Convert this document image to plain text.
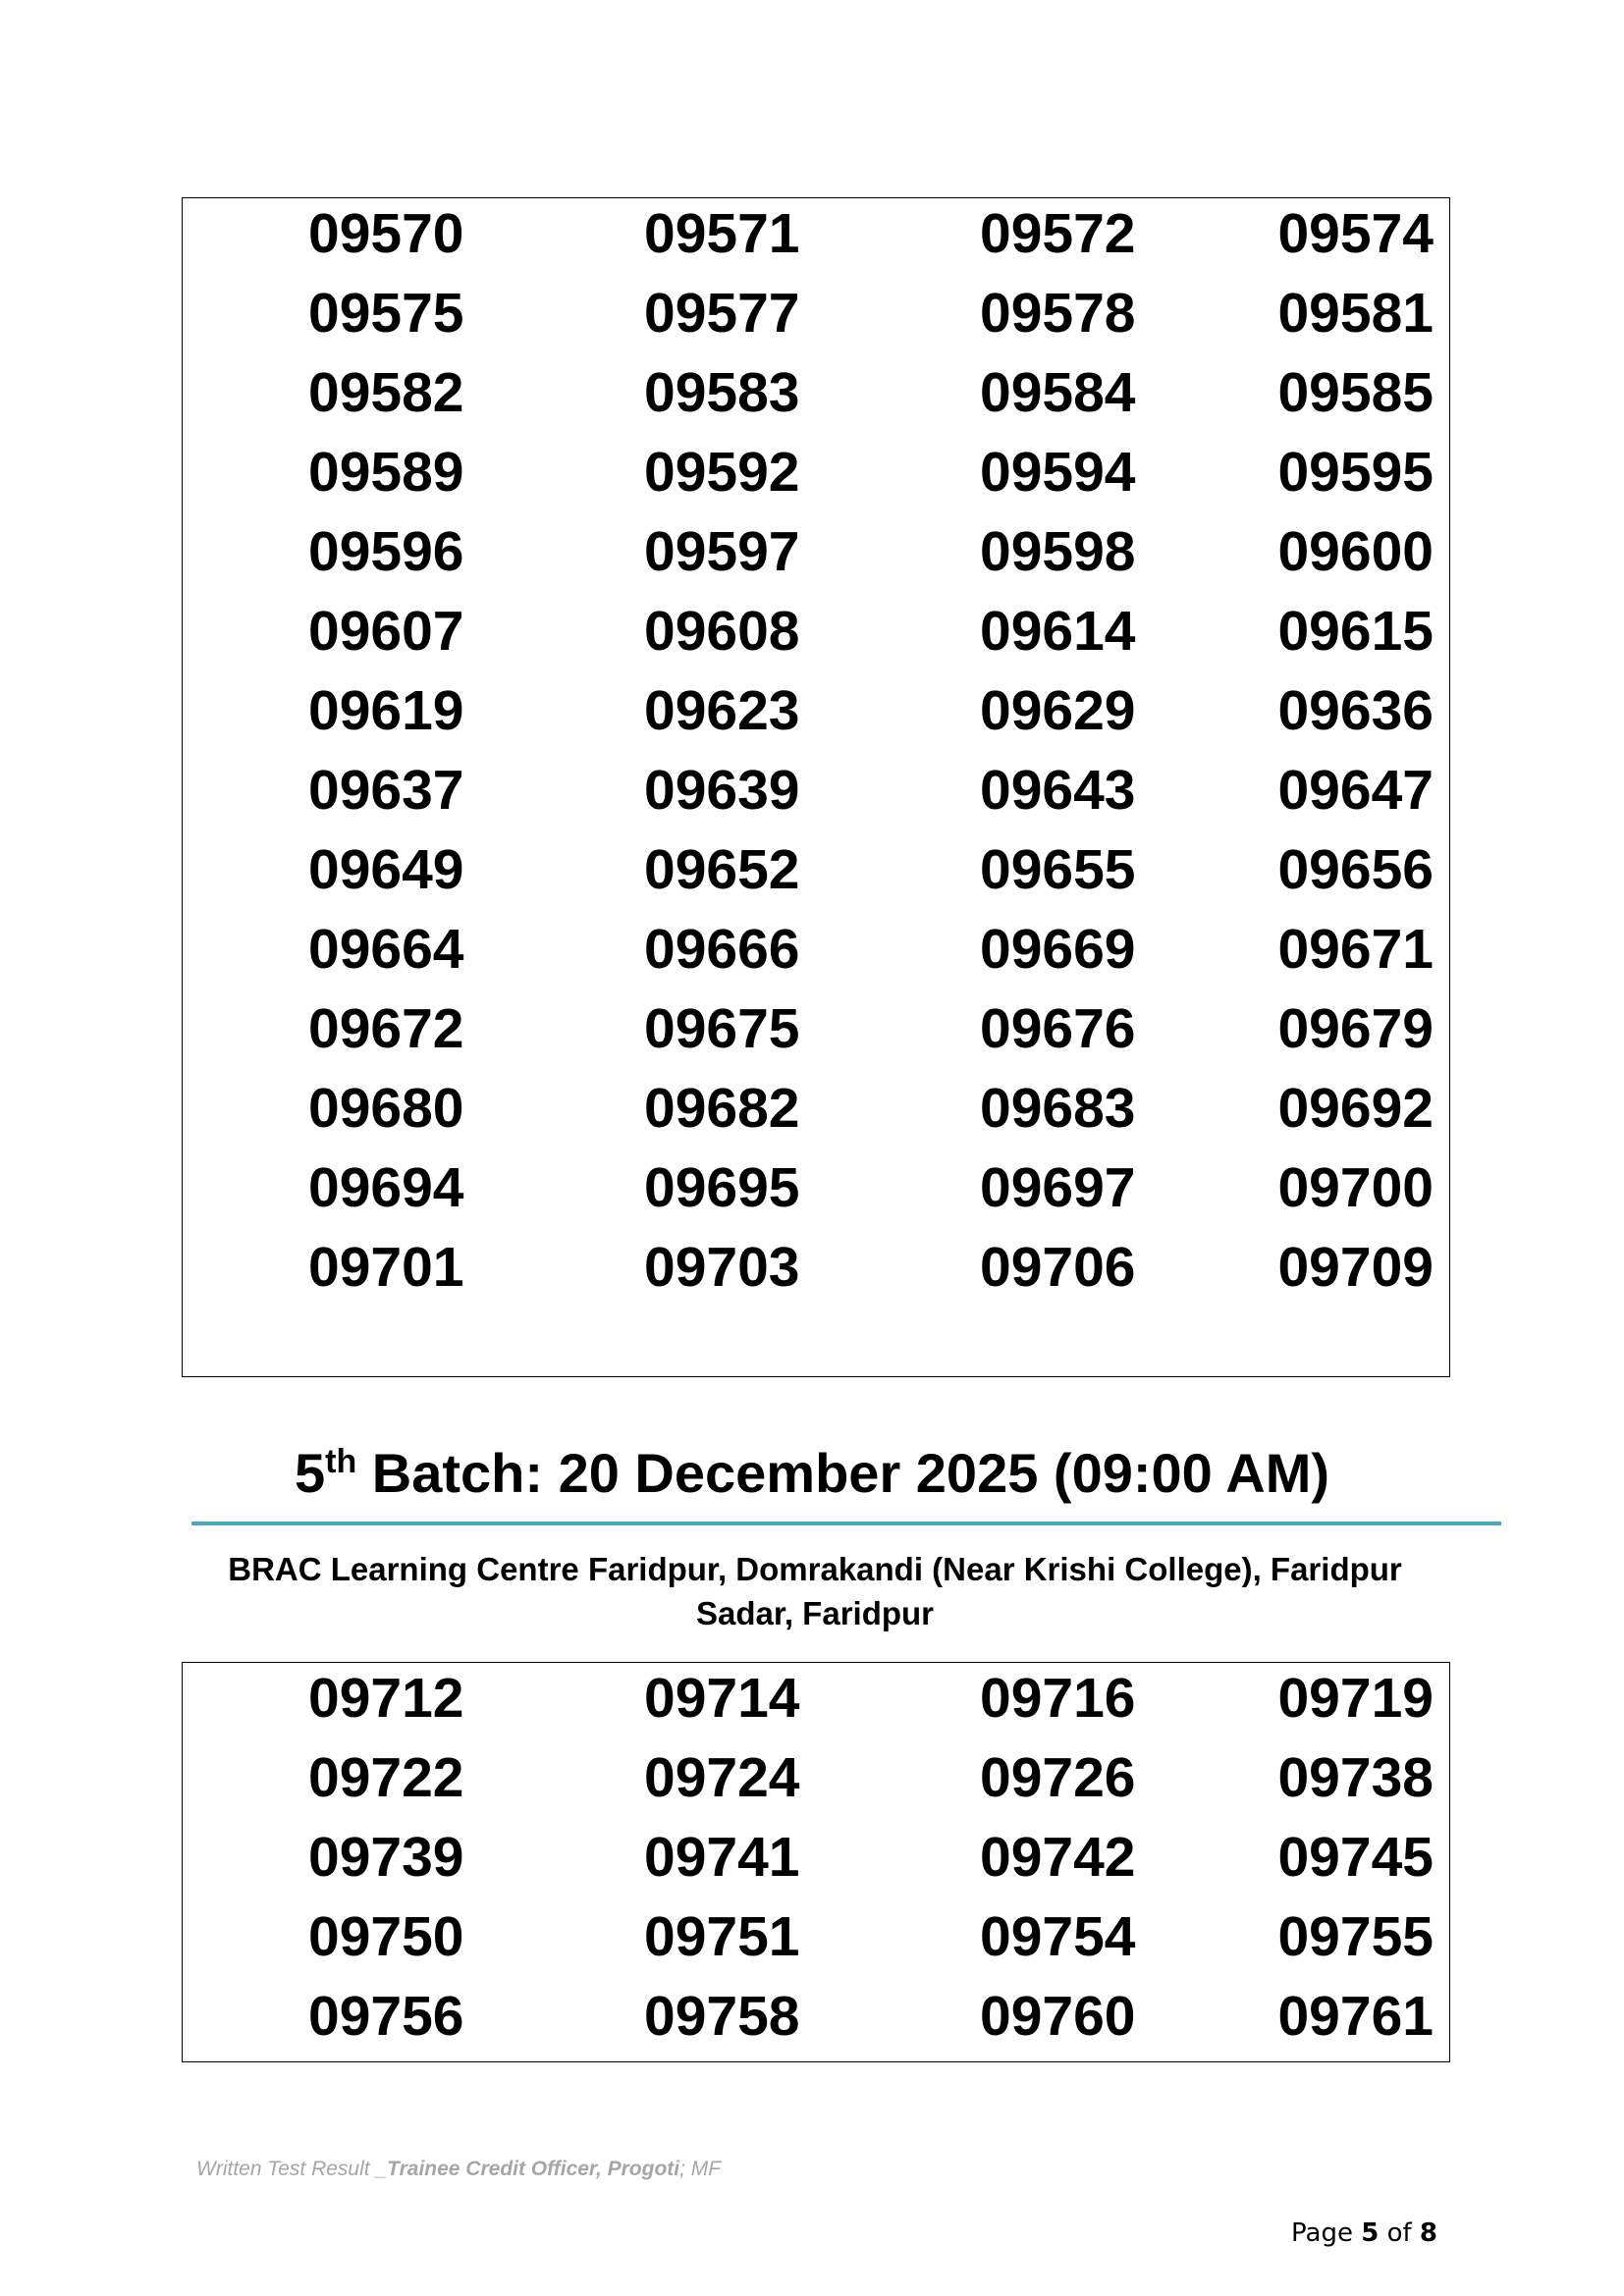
09570	09571	09572	09574
09575	09577	09578	09581
09582	09583	09584	09585
09589	09592	09594	09595
09596	09597	09598	09600
09607	09608	09614	09615
09619	09623	09629	09636
09637	09639	09643	09647
09649	09652	09655	09656
09664	09666	09669	09671
09672	09675	09676	09679
09680	09682	09683	09692
09694	09695	09697	09700
09701	09703	09706	09709
5th Batch: 20 December 2025 (09:00 AM)
BRAC Learning Centre Faridpur, Domrakandi (Near Krishi College), Faridpur
Sadar, Faridpur
09712	09714	09716	09719
09722	09724	09726	09738
09739	09741	09742	09745
09750	09751	09754	09755
09756	09758	09760	09761
Written Test Result _Trainee Credit Officer, Progoti; MF
Page 5 of 8
